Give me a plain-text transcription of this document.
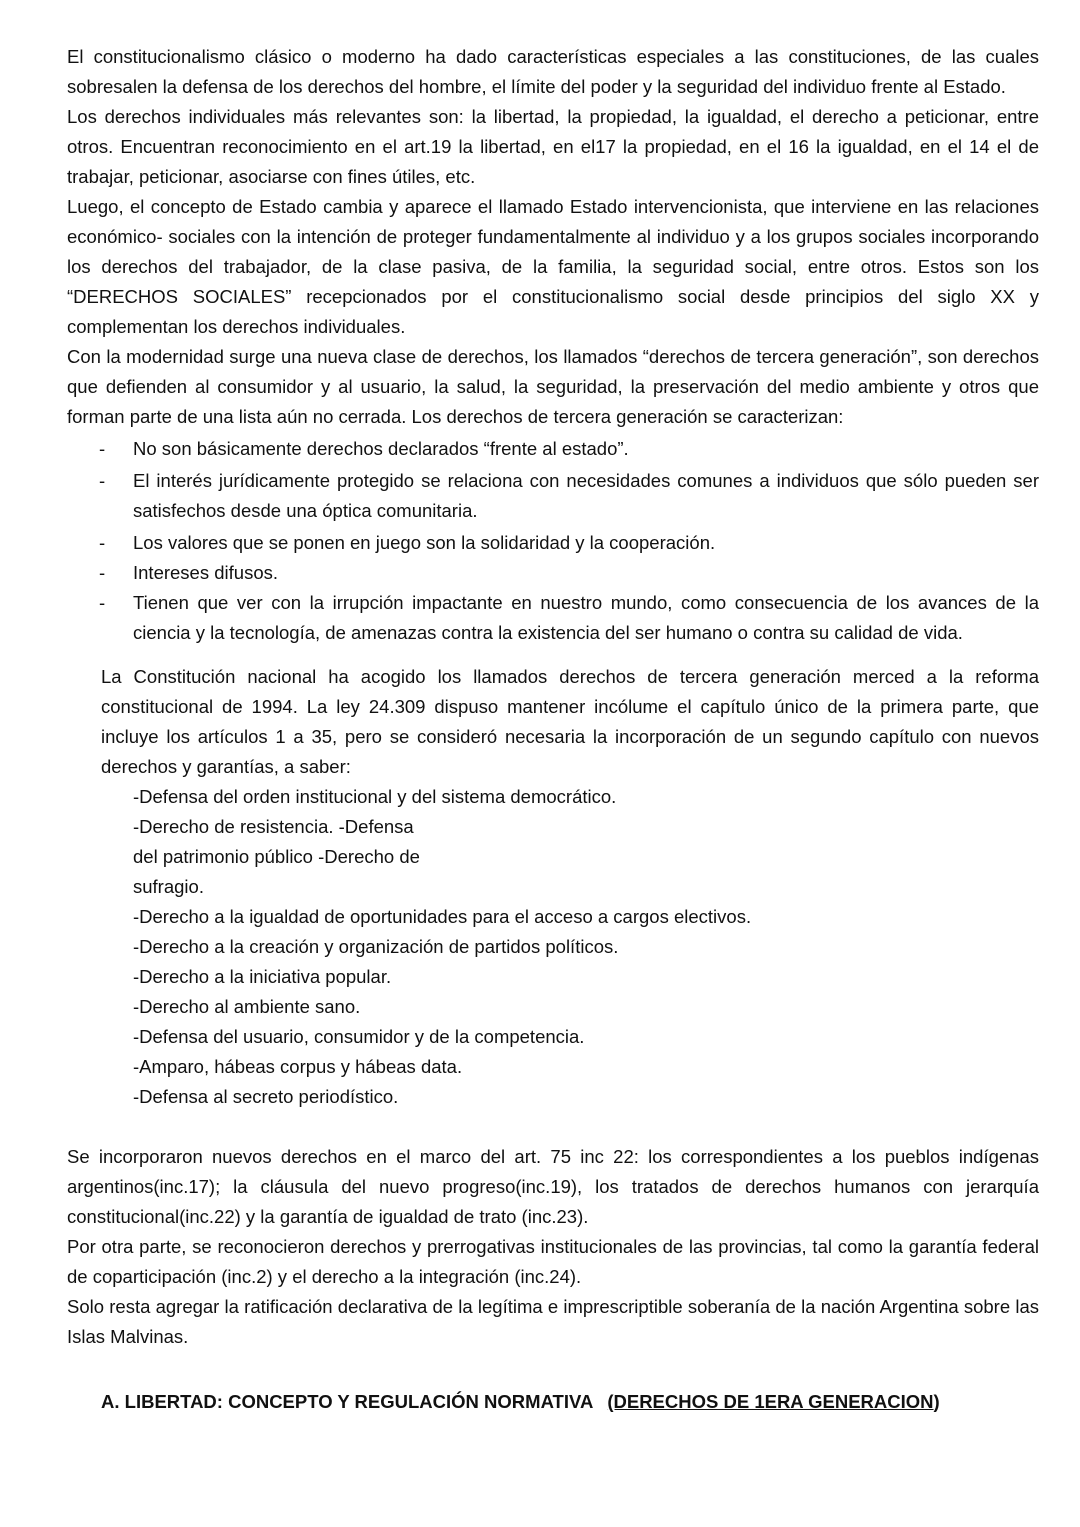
El constitucionalismo clásico o moderno ha dado características especiales a las constituciones, de las cuales sobresalen la defensa de los derechos del hombre, el límite del poder y la seguridad del individuo frente al Estado.

Los derechos individuales más relevantes son: la libertad, la propiedad, la igualdad, el derecho a peticionar, entre otros. Encuentran reconocimiento en el art.19 la libertad, en el17 la propiedad, en el 16 la igualdad, en el 14 el de trabajar, peticionar, asociarse con fines útiles, etc.

Luego, el concepto de Estado cambia y aparece el llamado Estado intervencionista, que interviene en las relaciones económico- sociales con la intención de proteger fundamentalmente al individuo y a los grupos sociales incorporando los derechos del trabajador, de la clase pasiva, de la familia, la seguridad social, entre otros. Estos son los “DERECHOS SOCIALES” recepcionados por el constitucionalismo social desde principios del siglo XX y complementan los derechos individuales.

Con la modernidad surge una nueva clase de derechos, los llamados “derechos de tercera generación”, son derechos que defienden al consumidor y al usuario, la salud, la seguridad, la preservación del medio ambiente y otros que forman parte de una lista aún no cerrada. Los derechos de tercera generación se caracterizan:

- No son básicamente derechos declarados “frente al estado”.
- El interés jurídicamente protegido se relaciona con necesidades comunes a individuos que sólo pueden ser satisfechos desde una óptica comunitaria.
- Los valores que se ponen en juego son la solidaridad y la cooperación.
- Intereses difusos.
- Tienen que ver con la irrupción impactante en nuestro mundo, como consecuencia de los avances de la ciencia y la tecnología, de amenazas contra la existencia del ser humano o contra su calidad de vida.

La Constitución nacional ha acogido los llamados derechos de tercera generación merced a la reforma constitucional de 1994. La ley 24.309 dispuso mantener incólume el capítulo único de la primera parte, que incluye los artículos 1 a 35, pero se consideró necesaria la incorporación de un segundo capítulo con nuevos derechos y garantías, a saber:

-Defensa del orden institucional y del sistema democrático.
-Derecho de resistencia. -Defensa del patrimonio público -Derecho de sufragio.
-Derecho a la igualdad de oportunidades para el acceso a cargos electivos.
-Derecho a la creación y organización de partidos políticos.
-Derecho a la iniciativa popular.
-Derecho al ambiente sano.
-Defensa del usuario, consumidor y de la competencia.
-Amparo, hábeas corpus y hábeas data.
-Defensa al secreto periodístico.

Se incorporaron nuevos derechos en el marco del art. 75 inc 22: los correspondientes a los pueblos indígenas argentinos(inc.17); la cláusula del nuevo progreso(inc.19), los tratados de derechos humanos con jerarquía constitucional(inc.22) y la garantía de igualdad de trato (inc.23).

Por otra parte, se reconocieron derechos y prerrogativas institucionales de las provincias, tal como la garantía federal de coparticipación (inc.2) y el derecho a la integración (inc.24).

Solo resta agregar la ratificación declarativa de la legítima e imprescriptible soberanía de la nación Argentina sobre las Islas Malvinas.

A. LIBERTAD: CONCEPTO Y REGULACIÓN NORMATIVA (DERECHOS DE 1ERA GENERACION)
